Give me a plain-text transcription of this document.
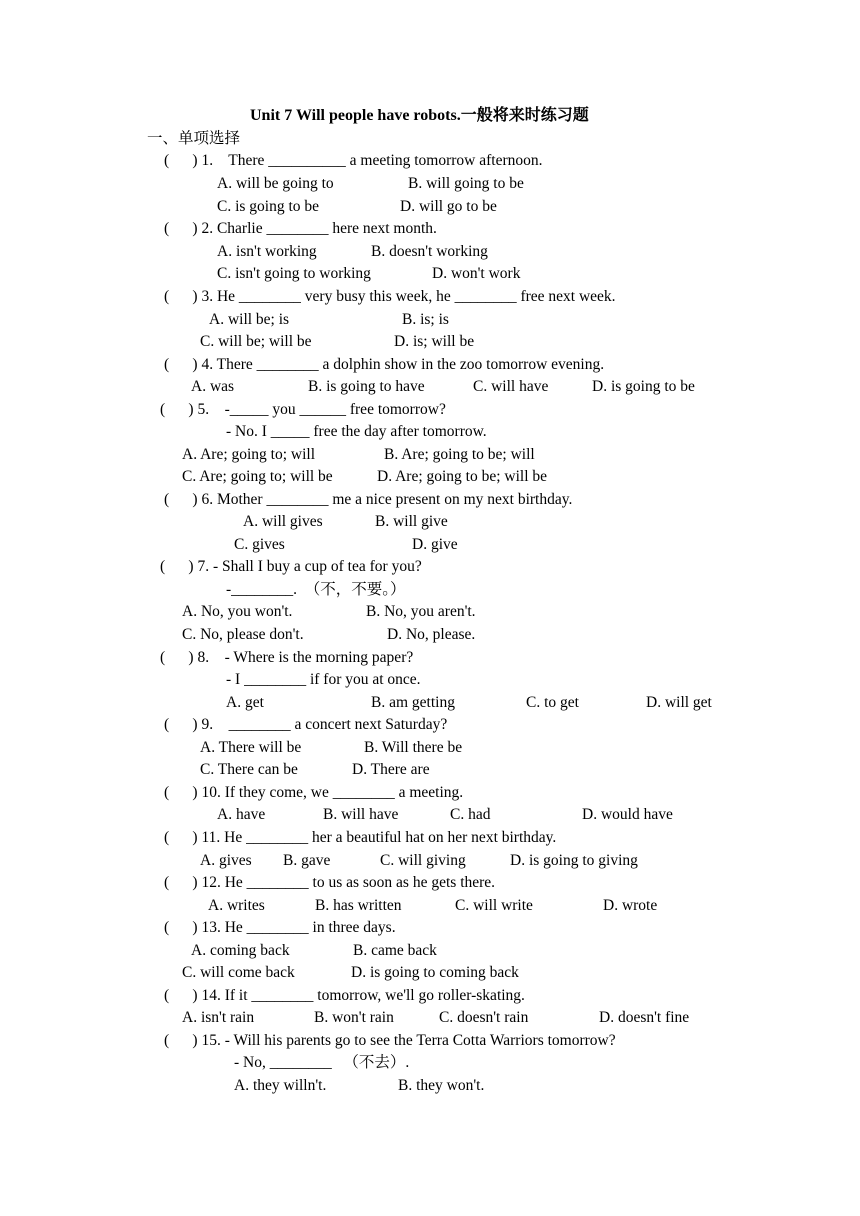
Unit 7 Will people have robots.一般将来时练习题
一、单项选择
(      ) 1.    There __________ a meeting tomorrow afternoon.
A. will be going to	B. will going to be
C. is going to be	D. will go to be
(      ) 2. Charlie ________ here next month.
A. isn't working	B. doesn't working
C. isn't going to working	D. won't work
(      ) 3. He ________ very busy this week, he ________ free next week.
A. will be; is	B. is; is
C. will be; will be	D. is; will be
(      ) 4. There ________ a dolphin show in the zoo tomorrow evening.
A. was	B. is going to have	C. will have	D. is going to be
(      ) 5.    -_____ you ______ free tomorrow?
- No. I _____ free the day after tomorrow.
A. Are; going to; will	B. Are; going to be; will
C. Are; going to; will be	D. Are; going to be; will be
(      ) 6. Mother ________ me a nice present on my next birthday.
A. will gives	B. will give
C. gives	D. give
(      ) 7. - Shall I buy a cup of tea for you?
-________.  （不，不要。）
A. No, you won't.	B. No, you aren't.
C. No, please don't.	D. No, please.
(      ) 8.    - Where is the morning paper?
- I ________ if for you at once.
A. get	B. am getting	C. to get	D. will get
(      ) 9.    ________ a concert next Saturday?
A. There will be	B. Will there be
C. There can be	D. There are
(      ) 10. If they come, we ________ a meeting.
A. have	B. will have	C. had	D. would have
(      ) 11. He ________ her a beautiful hat on her next birthday.
A. gives B. gave	C. will giving	D. is going to giving
(      ) 12. He ________ to us as soon as he gets there.
A. writes	B. has written	C. will write	D. wrote
(      ) 13. He ________ in three days.
A. coming back	B. came back
C. will come back	D. is going to coming back
(      ) 14. If it ________ tomorrow, we'll go roller-skating.
A. isn't rain	B. won't rain	C. doesn't rain	D. doesn't fine
(      ) 15. - Will his parents go to see the Terra Cotta Warriors tomorrow?
- No, ________   （不去）.
A. they willn't.	B. they won't.
